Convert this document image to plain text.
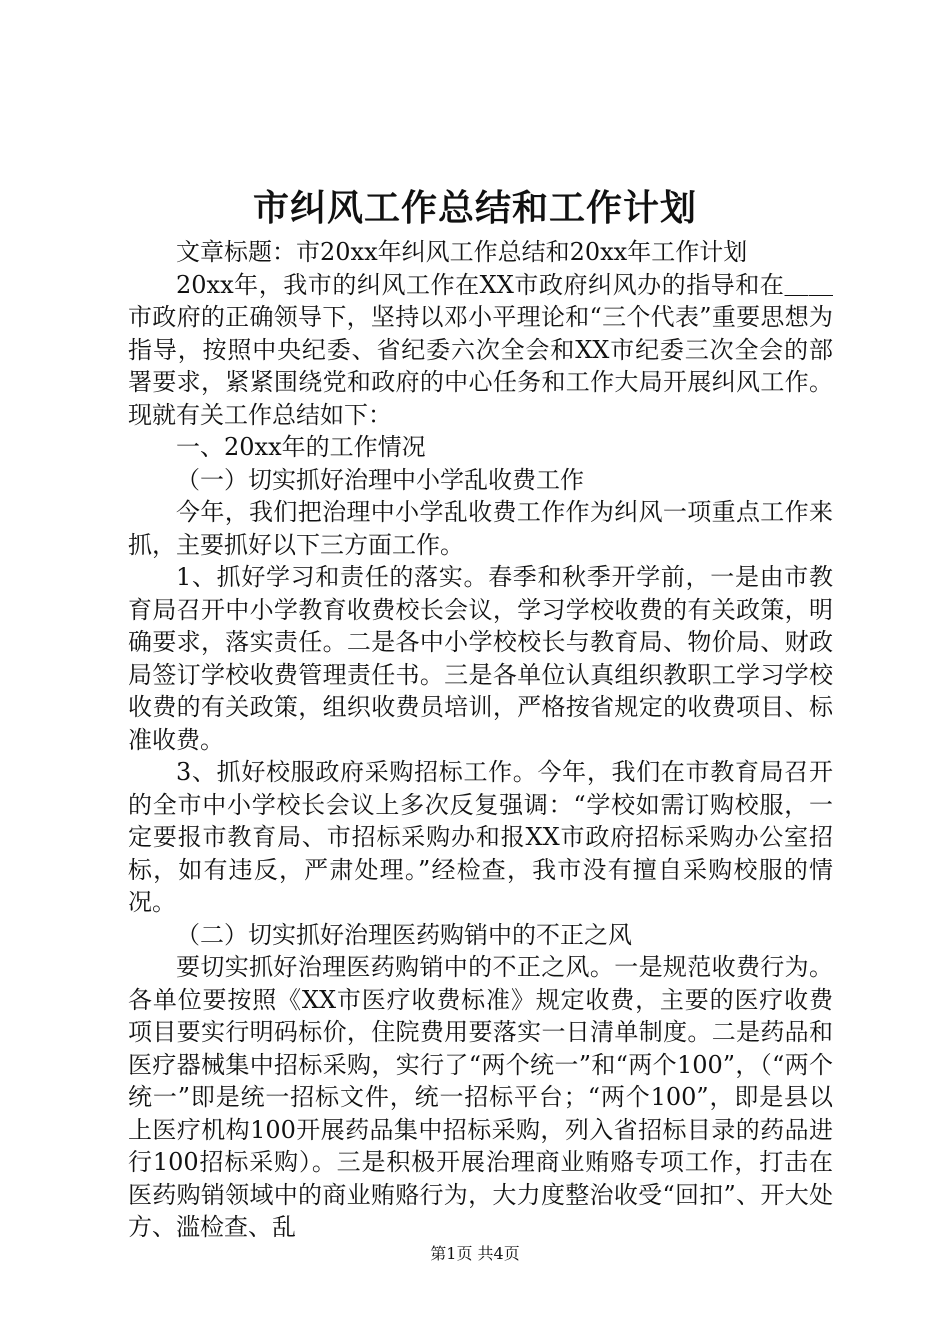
市纠风工作总结和工作计划

文章标题：市20xx年纠风工作总结和20xx年工作计划

20xx年，我市的纠风工作在XX市政府纠风办的指导和在＿＿市政府的正确领导下，坚持以邓小平理论和“三个代表”重要思想为指导，按照中央纪委、省纪委六次全会和XX市纪委三次全会的部署要求，紧紧围绕党和政府的中心任务和工作大局开展纠风工作。现就有关工作总结如下：

一、20xx年的工作情况

（一）切实抓好治理中小学乱收费工作

今年，我们把治理中小学乱收费工作作为纠风一项重点工作来抓，主要抓好以下三方面工作。

1、抓好学习和责任的落实。春季和秋季开学前，一是由市教育局召开中小学教育收费校长会议，学习学校收费的有关政策，明确要求，落实责任。二是各中小学校校长与教育局、物价局、财政局签订学校收费管理责任书。三是各单位认真组织教职工学习学校收费的有关政策，组织收费员培训，严格按省规定的收费项目、标准收费。

3、抓好校服政府采购招标工作。今年，我们在市教育局召开的全市中小学校长会议上多次反复强调：“学校如需订购校服，一定要报市教育局、市招标采购办和报XX市政府招标采购办公室招标，如有违反，严肃处理。”经检查，我市没有擅自采购校服的情况。

（二）切实抓好治理医药购销中的不正之风

要切实抓好治理医药购销中的不正之风。一是规范收费行为。各单位要按照《XX市医疗收费标准》规定收费，主要的医疗收费项目要实行明码标价，住院费用要落实一日清单制度。二是药品和医疗器械集中招标采购，实行了“两个统一”和“两个100”，（“两个统一”即是统一招标文件，统一招标平台；“两个100”，即是县以上医疗机构100开展药品集中招标采购，列入省招标目录的药品进行100招标采购）。三是积极开展治理商业贿赂专项工作，打击在医药购销领域中的商业贿赂行为，大力度整治收受“回扣”、开大处方、滥检查、乱

第1页 共4页
